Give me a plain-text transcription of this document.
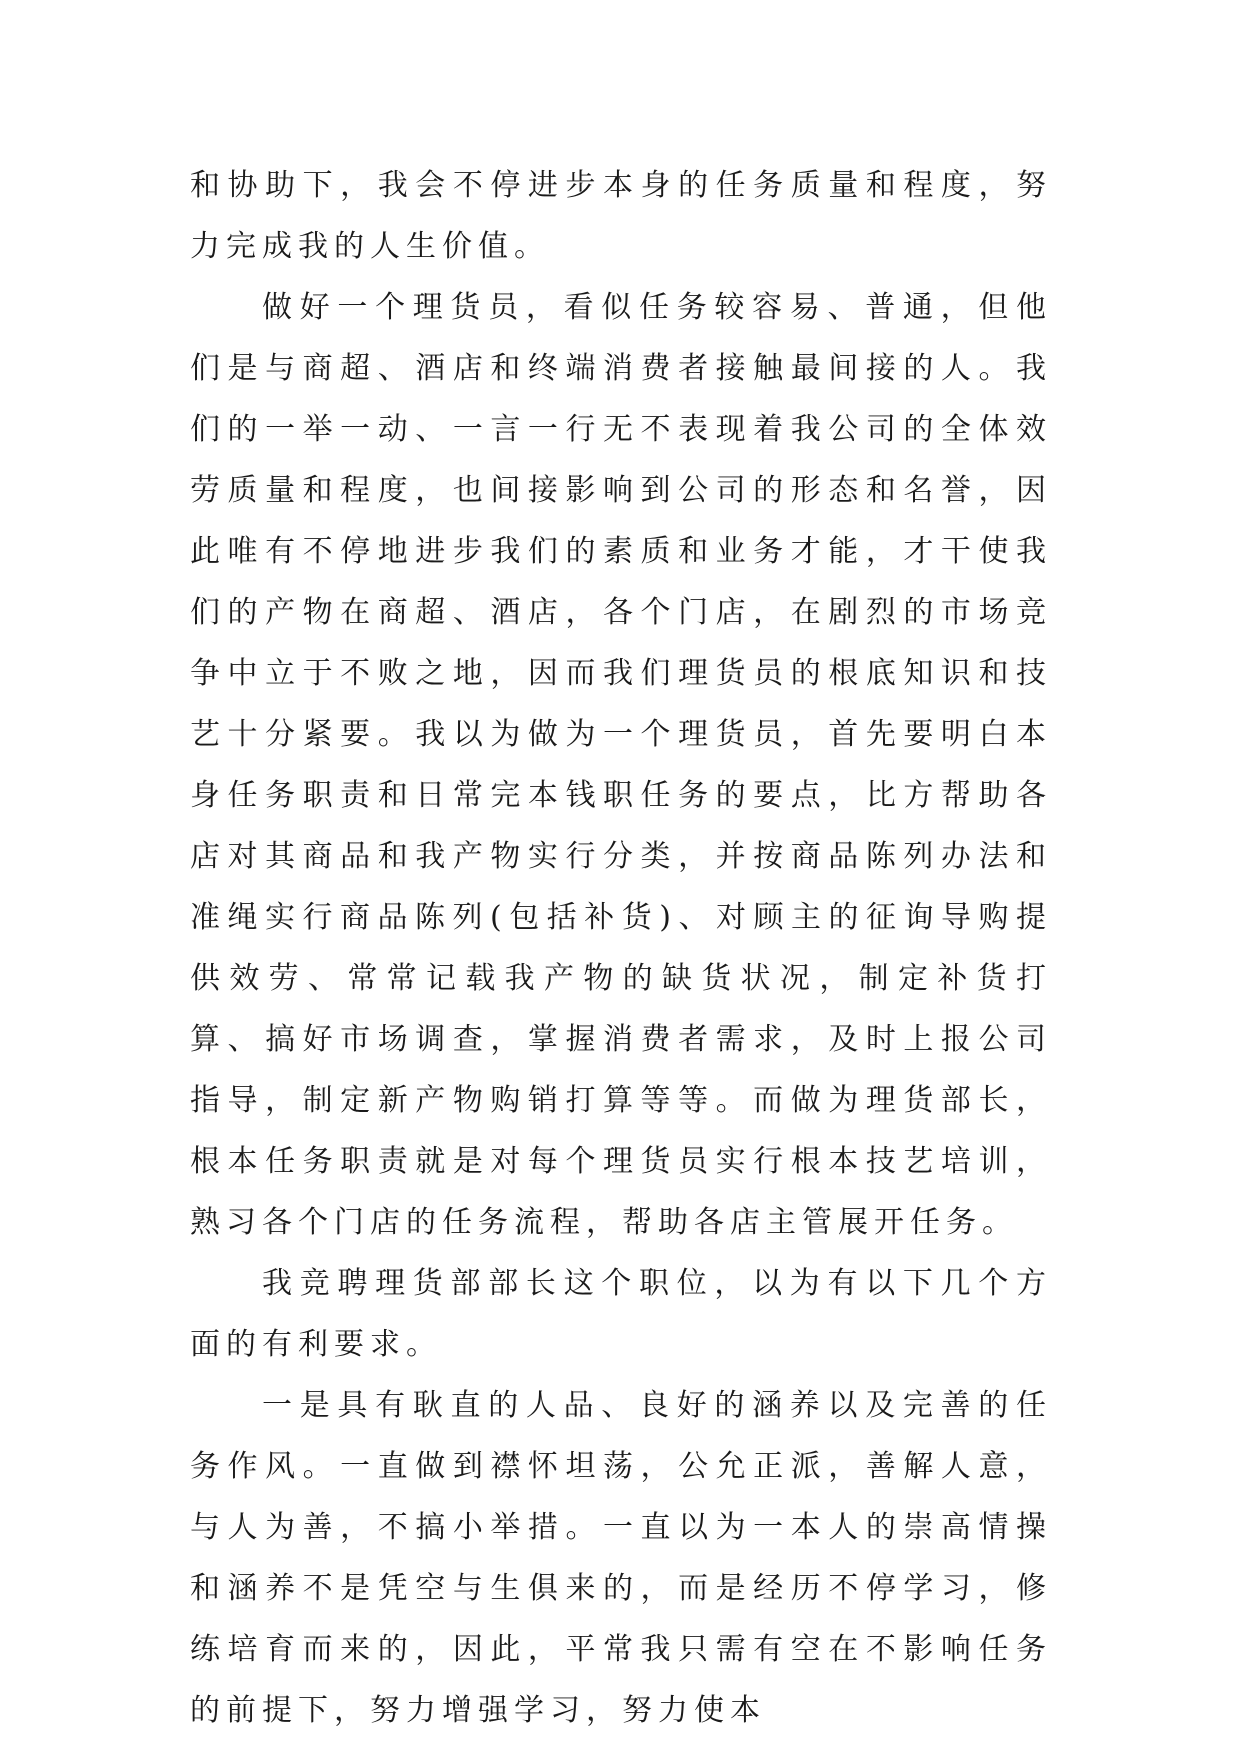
和协助下，我会不停进步本身的任务质量和程度，努力完成我的人生价值。

做好一个理货员，看似任务较容易、普通，但他们是与商超、酒店和终端消费者接触最间接的人。我们的一举一动、一言一行无不表现着我公司的全体效劳质量和程度，也间接影响到公司的形态和名誉，因此唯有不停地进步我们的素质和业务才能，才干使我们的产物在商超、酒店，各个门店，在剧烈的市场竞争中立于不败之地，因而我们理货员的根底知识和技艺十分紧要。我以为做为一个理货员，首先要明白本身任务职责和日常完本钱职任务的要点，比方帮助各店对其商品和我产物实行分类，并按商品陈列办法和准绳实行商品陈列(包括补货)、对顾主的征询导购提供效劳、常常记载我产物的缺货状况，制定补货打算、搞好市场调查，掌握消费者需求，及时上报公司指导，制定新产物购销打算等等。而做为理货部长，根本任务职责就是对每个理货员实行根本技艺培训，熟习各个门店的任务流程，帮助各店主管展开任务。

我竞聘理货部部长这个职位，以为有以下几个方面的有利要求。

一是具有耿直的人品、良好的涵养以及完善的任务作风。一直做到襟怀坦荡，公允正派，善解人意，与人为善，不搞小举措。一直以为一本人的崇高情操和涵养不是凭空与生俱来的，而是经历不停学习，修练培育而来的，因此，平常我只需有空在不影响任务的前提下，努力增强学习，努力使本
